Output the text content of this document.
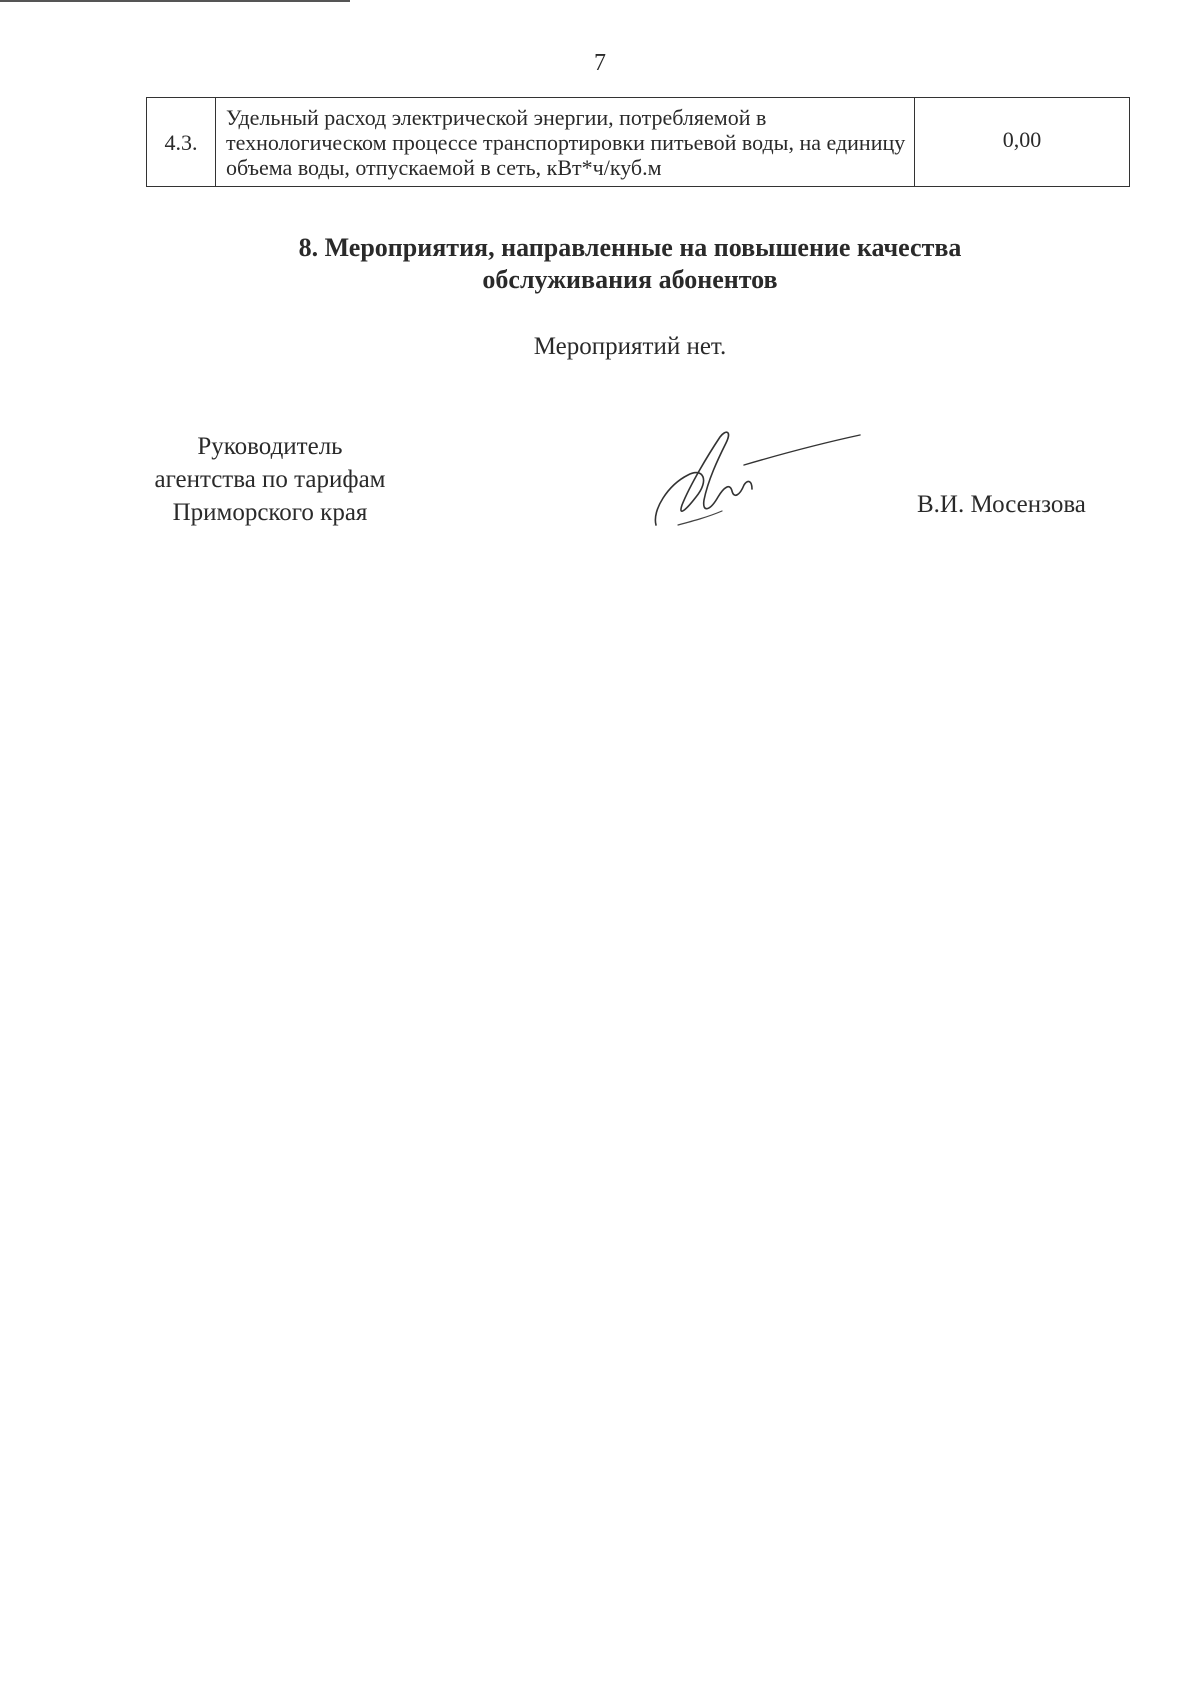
7
4.3.	Удельный расход электрической энергии, потребляемой в технологическом процессе транспортировки питьевой воды, на единицу объема воды, отпускаемой в сеть, кВт*ч/куб.м	0,00
8. Мероприятия, направленные на повышение качества
обслуживания абонентов
Мероприятий нет.
Руководитель
агентства по тарифам
Приморского края	В.И. Мосензова
